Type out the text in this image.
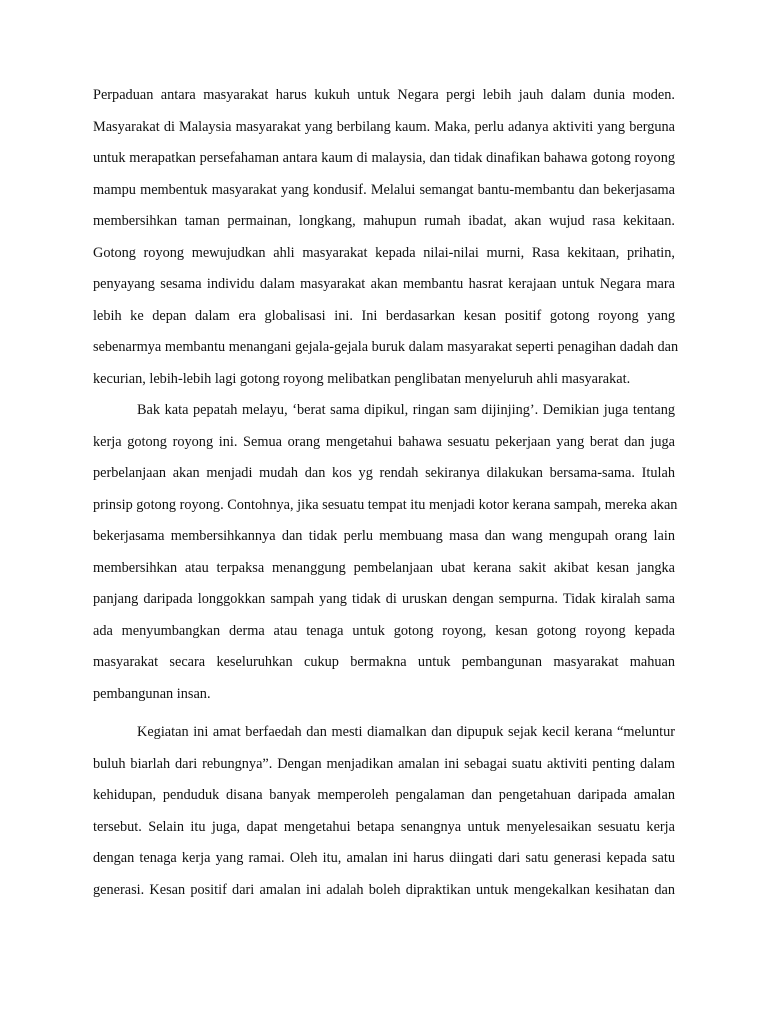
Perpaduan antara masyarakat harus kukuh untuk Negara pergi lebih jauh dalam dunia moden.
Masyarakat di Malaysia masyarakat yang berbilang kaum. Maka, perlu adanya aktiviti yang berguna
untuk merapatkan persefahaman antara kaum di malaysia, dan tidak dinafikan bahawa gotong royong
mampu membentuk masyarakat yang kondusif. Melalui semangat bantu-membantu dan bekerjasama
membersihkan taman permainan, longkang, mahupun rumah ibadat, akan wujud rasa kekitaan.
Gotong royong mewujudkan ahli masyarakat kepada nilai-nilai murni, Rasa kekitaan, prihatin,
penyayang sesama individu dalam masyarakat akan membantu hasrat kerajaan untuk Negara mara
lebih ke depan dalam era globalisasi ini. Ini berdasarkan kesan positif gotong royong yang
sebenarmya membantu menangani gejala-gejala buruk dalam masyarakat seperti penagihan dadah dan
kecurian, lebih-lebih lagi gotong royong melibatkan penglibatan menyeluruh ahli masyarakat.
Bak kata pepatah melayu, ‘berat sama dipikul, ringan sam dijinjing’. Demikian juga tentang
kerja gotong royong ini. Semua orang mengetahui bahawa sesuatu pekerjaan yang berat dan juga
perbelanjaan akan menjadi mudah dan kos yg rendah sekiranya dilakukan bersama-sama. Itulah
prinsip gotong royong. Contohnya, jika sesuatu tempat itu menjadi kotor kerana sampah, mereka akan
bekerjasama membersihkannya dan tidak perlu membuang masa dan wang mengupah orang lain
membersihkan atau terpaksa menanggung pembelanjaan ubat kerana sakit akibat kesan jangka
panjang daripada longgokkan sampah yang tidak di uruskan dengan sempurna. Tidak kiralah sama
ada menyumbangkan derma atau tenaga untuk gotong royong, kesan gotong royong kepada
masyarakat secara keseluruhkan cukup bermakna untuk pembangunan masyarakat mahuan
pembangunan insan.
Kegiatan ini amat berfaedah dan mesti diamalkan dan dipupuk sejak kecil kerana “meluntur
buluh biarlah dari rebungnya”. Dengan menjadikan amalan ini sebagai suatu aktiviti penting dalam
kehidupan, penduduk disana banyak memperoleh pengalaman dan pengetahuan daripada amalan
tersebut. Selain itu juga, dapat mengetahui betapa senangnya untuk menyelesaikan sesuatu kerja
dengan tenaga kerja yang ramai. Oleh itu, amalan ini harus diingati dari satu generasi kepada satu
generasi. Kesan positif dari amalan ini adalah boleh dipraktikan untuk mengekalkan kesihatan dan
